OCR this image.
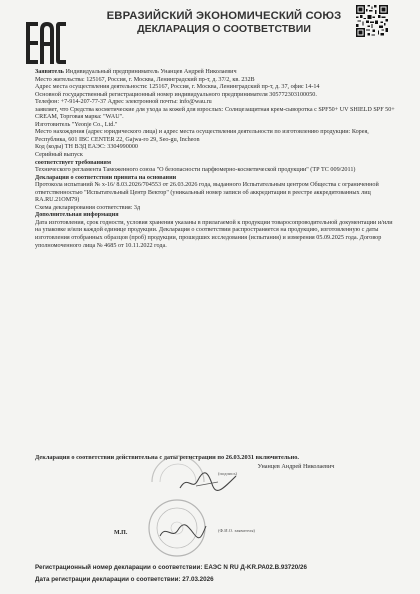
ЕВРАЗИЙСКИЙ ЭКОНОМИЧЕСКИЙ СОЮЗ
ДЕКЛАРАЦИЯ О СООТВЕТСТВИИ

Заявитель Индивидуальный предприниматель Унанцев Андрей Николаевич

Место жительства: 125167, Россия, г. Москва, Ленинградский пр-т, д. 37/2, кв. 232В

Адрес места осуществления деятельности: 125167, Россия, г. Москва, Ленинградский пр-т, д. 37, офис 14-14

Основной государственный регистрационный номер индивидуального предпринимателя 305772303100050.

Телефон: +7-914-207-77-37 Адрес электронной почты: info@wau.ru

заявляет, что Средства косметические для ухода за кожей для взрослых: Солнцезащитная крем-сыворотка с SPF50+ UV SHIELD SPF 50+ CREAM, Торговая марка: "WAU".

Изготовитель "Yeonje Co., Ltd."

Место нахождения (адрес юридического лица) и адрес места осуществления деятельности по изготовлению продукции: Корея, Республика, 601 IBC CENTER 22, Gajwa-ro 29, Seo-gu, Incheon

Код (коды) ТН ВЭД ЕАЭС: 3304990000

Серийный выпуск

соответствует требованиям

Технического регламента Таможенного союза "О безопасности парфюмерно-косметической продукции" (ТР ТС 009/2011)

Декларация о соответствии принята на основании

Протокола испытаний № x-16/ 8.03.2026/704553 от 26.03.2026 года, выданного Испытательным центром Общества с ограниченной ответственностью "Испытательный Центр Вектор" (уникальный номер записи об аккредитации в реестре аккредитованных лиц RA.RU.21ОМ79)

Схема декларирования соответствия: 3д

Дополнительная информация

Дата изготовления, срок годности, условия хранения указаны в прилагаемой к продукции товаросопроводительной документации и/или на упаковке и/или каждой единице продукции. Декларация о соответствии распространяется на продукцию, изготовленную с даты изготовления отобранных образцов (проб) продукции, прошедших исследования (испытания) и измерения 05.09.2025 года. Договор уполномоченного лица № 4685 от 10.11.2022 года.

Декларация о соответствии действительна с даты регистрации по 26.03.2031 включительно.
Унанцев Андрей Николаевич
(подпись)
(Ф.И.О. заявителя)
М.П.
Регистрационный номер декларации о соответствии: ЕАЭС N RU Д-KR.PA02.B.93720/26
Дата регистрации декларации о соответствии: 27.03.2026
